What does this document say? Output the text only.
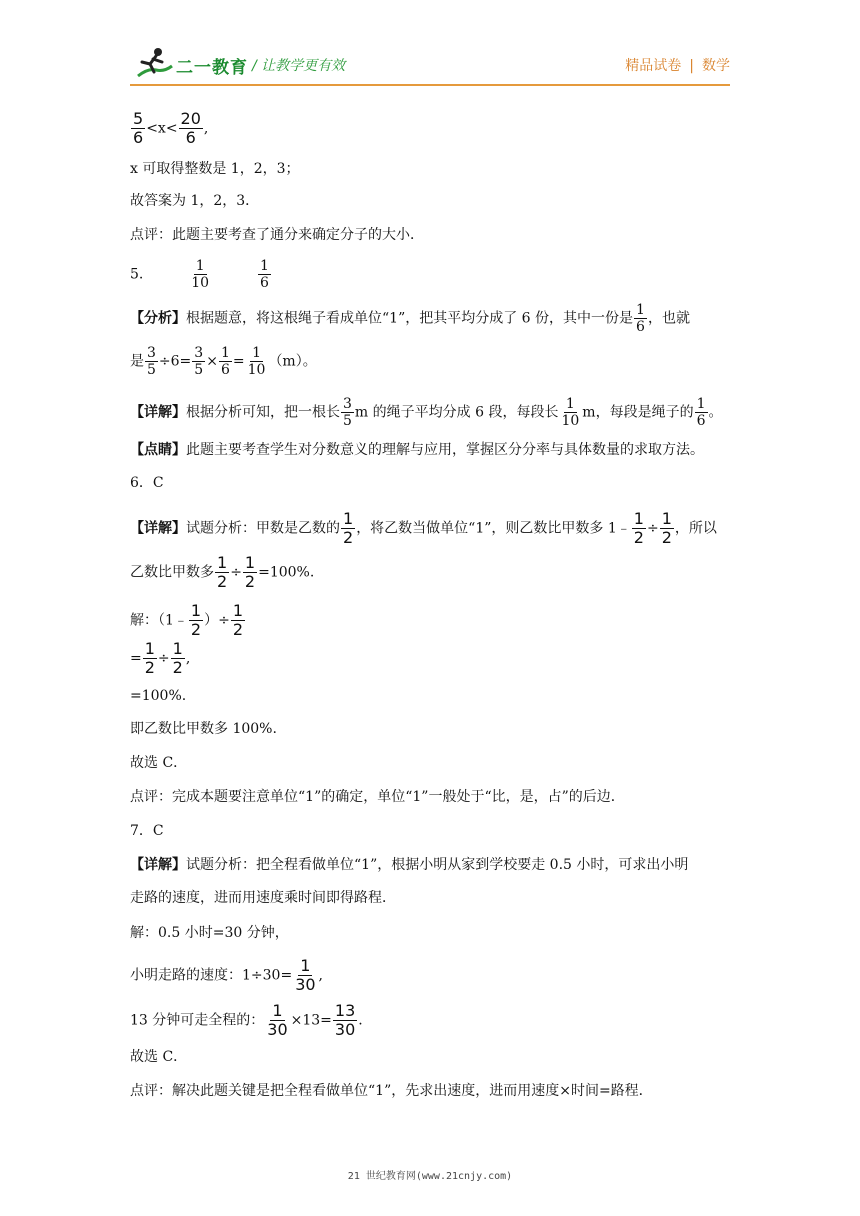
二一教育 / 让教学更有效	精品试卷 | 数学
$\frac{5}{6} <x< \frac{20}{6}$ ,
x 可取得整数是 1，2，3；
故答案为 1，2，3．
点评：此题主要考查了通分来确定分子的大小．
5.	$\frac{1}{10}$
	$\frac{1}{6}$
【分析】根据题意，将这根绳子看成单位“1”，把其平均分成了 6 份，其中一份是 $\frac{1}{6}$ ，也就
是 $\frac{3}{5} \div 6= \frac{3}{5} \times \frac{1}{6} = \frac{1}{10} (m)$。
【详解】根据分析可知，把一根长 $\frac{3}{5}$ m 的绳子平均分成 6 段，每段长 $\frac{1}{10}$ m，每段是绳子的 $\frac{1}{6}$ 。
【点睛】此题主要考查学生对分数意义的理解与应用，掌握区分分率与具体数量的求取方法。
6．C
【详解】试题分析：甲数是乙数的 $\frac{1}{2}$ ，将乙数当做单位“1”，则乙数比甲数多 1﹣ $\frac{1}{2} \div \frac{1}{2}$ ，所以
乙数比甲数多 $\frac{1}{2} \div \frac{1}{2} =100\%$.
解：（1﹣ $\frac{1}{2}$ ）÷ $\frac{1}{2}$
= $\frac{1}{2} \div \frac{1}{2}$ ,
=100%.
即乙数比甲数多 100%.
故选 C．
点评：完成本题要注意单位“1”的确定，单位“1”一般处于“比，是，占”的后边．
7．C
【详解】试题分析：把全程看做单位“1”，根据小明从家到学校要走 0.5 小时，可求出小明
走路的速度，进而用速度乘时间即得路程．
解：0.5 小时=30 分钟，
小明走路的速度：$1\div 30= \frac{1}{30}$ ,
13 分钟可走全程的： $\frac{1}{30} \times 13= \frac{13}{30}$ .
故选 C．
点评：解决此题关键是把全程看做单位“1”，先求出速度，进而用速度×时间=路程．
21 世纪教育网(www.21cnjy.com)
